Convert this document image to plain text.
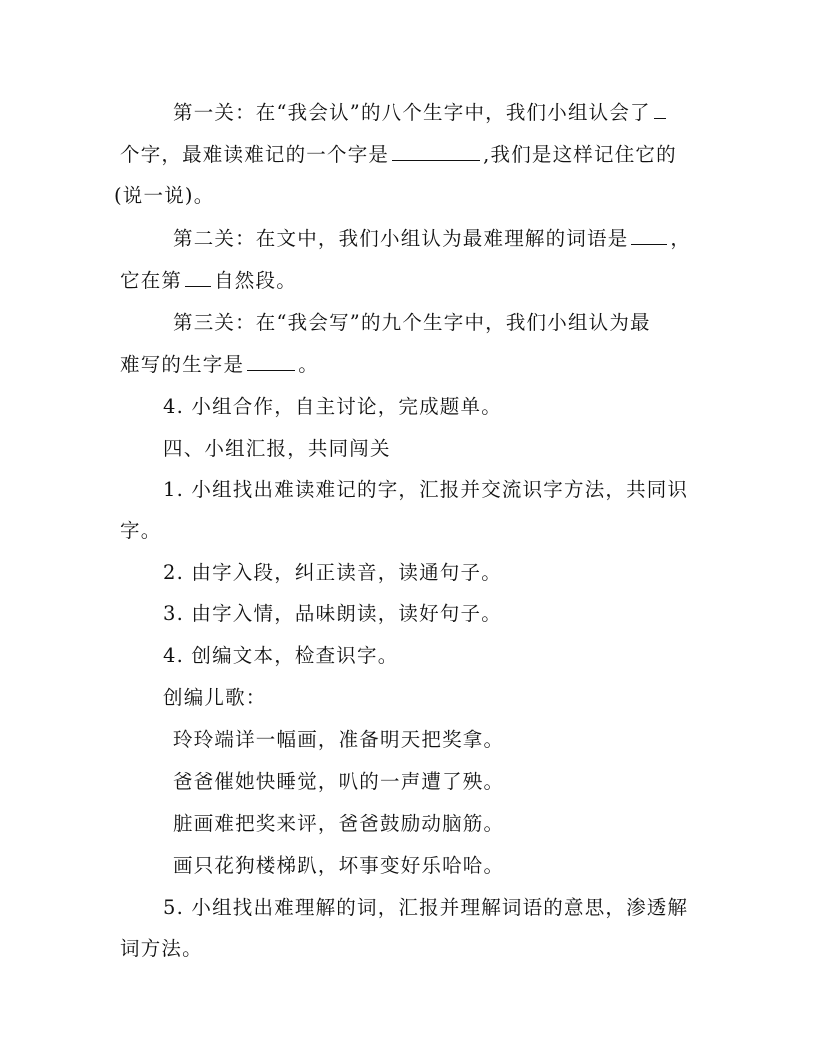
第一关：在“我会认”的八个生字中，我们小组认会了
个字，最难读难记的一个字是	,我们是这样记住它的
(说一说)。
第二关：在文中，我们小组认为最难理解的词语是 ，
它在第 自然段。
第三关：在“我会写”的九个生字中，我们小组认为最
难写的生字是	。
4. 小组合作，自主讨论，完成题单。
四、小组汇报，共同闯关
1. 小组找出难读难记的字，汇报并交流识字方法，共同识
字。
2. 由字入段，纠正读音，读通句子。
3. 由字入情，品味朗读，读好句子。
4. 创编文本，检查识字。
创编儿歌：
玲玲端详一幅画，准备明天把奖拿。
爸爸催她快睡觉，叭的一声遭了殃。
脏画难把奖来评，爸爸鼓励动脑筋。
画只花狗楼梯趴，坏事变好乐哈哈。
5. 小组找出难理解的词，汇报并理解词语的意思，渗透解
词方法。
